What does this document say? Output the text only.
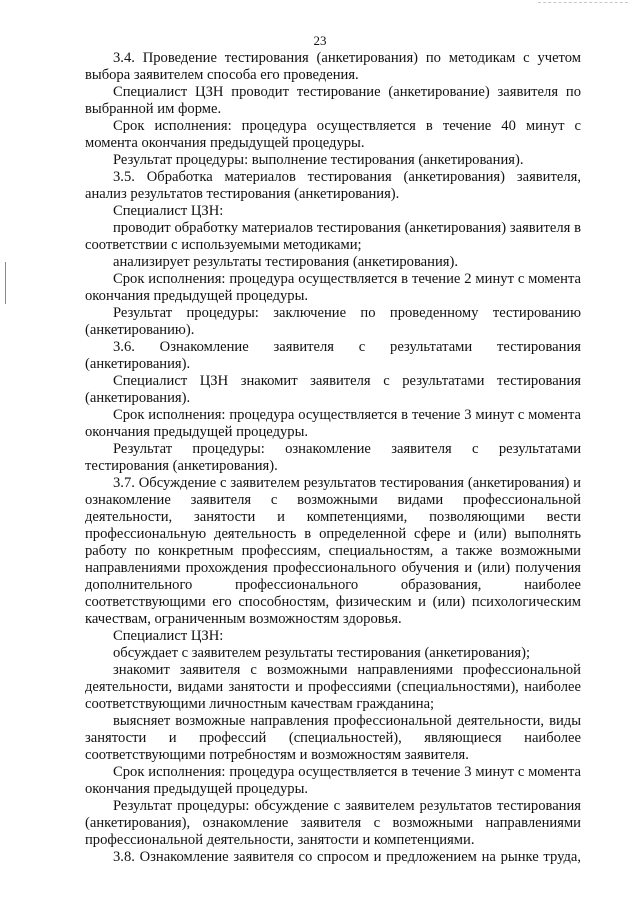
23

3.4. Проведение тестирования (анкетирования) по методикам с учетом выбора заявителем способа его проведения.

Специалист ЦЗН проводит тестирование (анкетирование) заявителя по выбранной им форме.

Срок исполнения: процедура осуществляется в течение 40 минут с момента окончания предыдущей процедуры.

Результат процедуры: выполнение тестирования (анкетирования).

3.5. Обработка материалов тестирования (анкетирования) заявителя, анализ результатов тестирования (анкетирования).

Специалист ЦЗН:

проводит обработку материалов тестирования (анкетирования) заявителя в соответствии с используемыми методиками;

анализирует результаты тестирования (анкетирования).

Срок исполнения: процедура осуществляется в течение 2 минут с момента окончания предыдущей процедуры.

Результат процедуры: заключение по проведенному тестированию (анкетированию).

3.6. Ознакомление заявителя с результатами тестирования (анкетирования).

Специалист ЦЗН знакомит заявителя с результатами тестирования (анкетирования).

Срок исполнения: процедура осуществляется в течение 3 минут с момента окончания предыдущей процедуры.

Результат процедуры: ознакомление заявителя с результатами тестирования (анкетирования).

3.7. Обсуждение с заявителем результатов тестирования (анкетирования) и ознакомление заявителя с возможными видами профессиональной деятельности, занятости и компетенциями, позволяющими вести профессиональную деятельность в определенной сфере и (или) выполнять работу по конкретным профессиям, специальностям, а также возможными направлениями прохождения профессионального обучения и (или) получения дополнительного профессионального образования, наиболее соответствующими его способностям, физическим и (или) психологическим качествам, ограниченным возможностям здоровья.

Специалист ЦЗН:

обсуждает с заявителем результаты тестирования (анкетирования);

знакомит заявителя с возможными направлениями профессиональной деятельности, видами занятости и профессиями (специальностями), наиболее соответствующими личностным качествам гражданина;

выясняет возможные направления профессиональной деятельности, виды занятости и профессий (специальностей), являющиеся наиболее соответствующими потребностям и возможностям заявителя.

Срок исполнения: процедура осуществляется в течение 3 минут с момента окончания предыдущей процедуры.

Результат процедуры: обсуждение с заявителем результатов тестирования (анкетирования), ознакомление заявителя с возможными направлениями профессиональной деятельности, занятости и компетенциями.

3.8. Ознакомление заявителя со спросом и предложением на рынке труда,
